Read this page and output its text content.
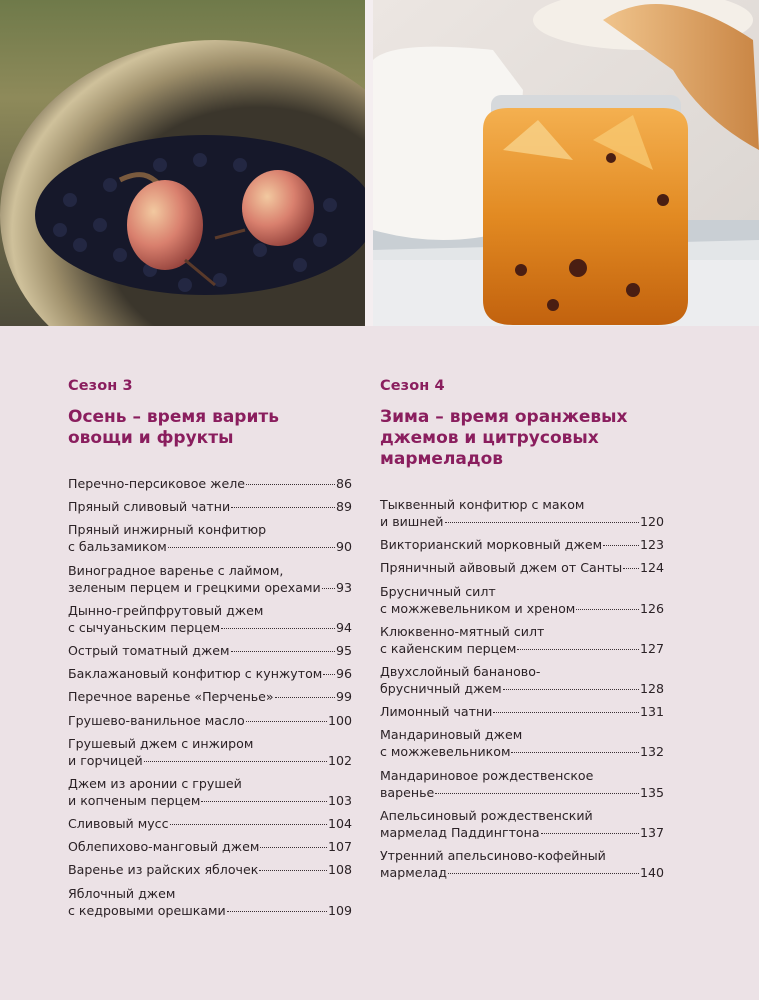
Сезон 3
Осень – время варить
овощи и фрукты
Перечно-персиковое желе	86
Пряный сливовый чатни	89
Пряный инжирный конфитюр
с бальзамиком	90
Виноградное варенье с лаймом,
зеленым перцем и грецкими орехами 93
Дынно-грейпфрутовый джем
с сычуаньским перцем	94
Острый томатный джем	95
Баклажановый конфитюр с кунжутом 96
Перечное варенье «Перченье»	99
Грушево-ванильное масло	100
Грушевый джем с инжиром
и горчицей	102
Джем из аронии с грушей
и копченым перцем	103
Сливовый мусс	104
Облепихово-манговый джем	107
Варенье из райских яблочек	108
Яблочный джем
с кедровыми орешками	109
Сезон 4
Зима – время оранжевых
джемов и цитрусовых
мармеладов
Тыквенный конфитюр с маком
и вишней	120
Викторианский морковный джем	123
Пряничный айвовый джем от Санты 124
Брусничный силт
с можжевельником и хреном	126
Клюквенно-мятный силт
с кайенским перцем	127
Двухслойный бананово-
брусничный джем	128
Лимонный чатни	131
Мандариновый джем
с можжевельником	132
Мандариновое рождественское
варенье	135
Апельсиновый рождественский
мармелад Паддингтона	137
Утренний апельсиново-кофейный
мармелад	140
